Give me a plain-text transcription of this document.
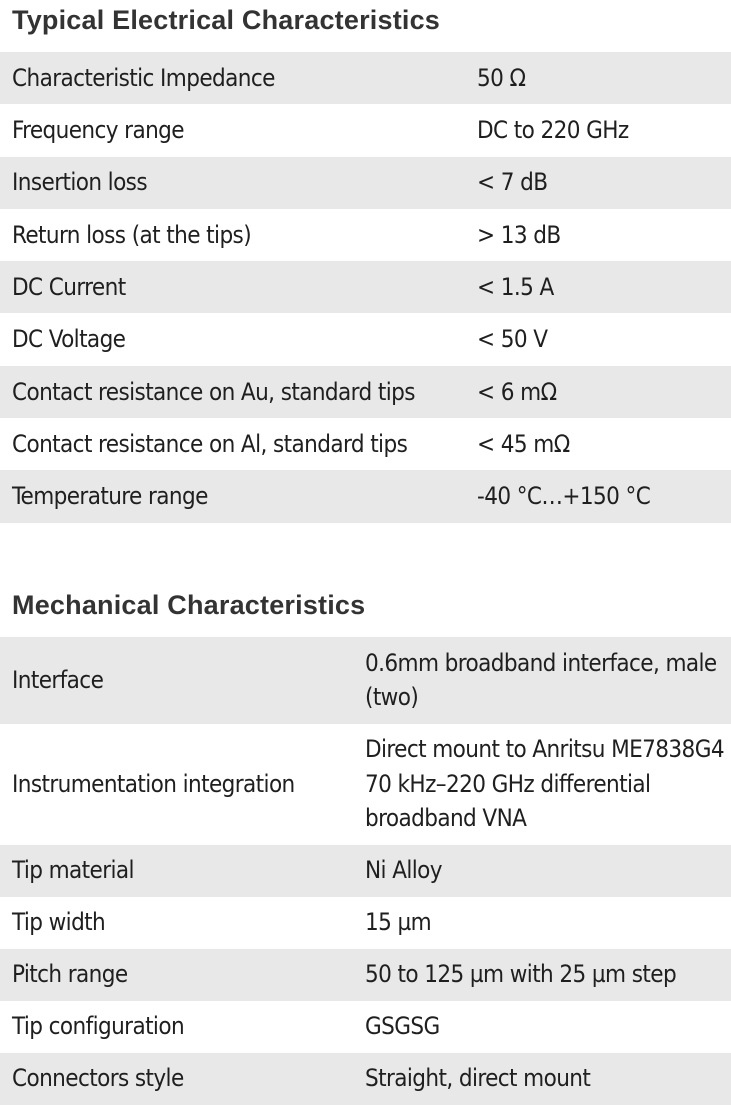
Typical Electrical Characteristics
Characteristic Impedance	50 Ω
Frequency range	DC to 220 GHz
Insertion loss	< 7 dB
Return loss (at the tips)	> 13 dB
DC Current	< 1.5 A
DC Voltage	< 50 V
Contact resistance on Au, standard tips	< 6 mΩ
Contact resistance on Al, standard tips	< 45 mΩ
Temperature range	-40 °C…+150 °C
Mechanical Characteristics
Interface	0.6mm broadband interface, male (two)
Instrumentation integration	Direct mount to Anritsu ME7838G4 70 kHz–220 GHz differential broadband VNA
Tip material	Ni Alloy
Tip width	15 µm
Pitch range	50 to 125 µm with 25 µm step
Tip configuration	GSGSG
Connectors style	Straight, direct mount
